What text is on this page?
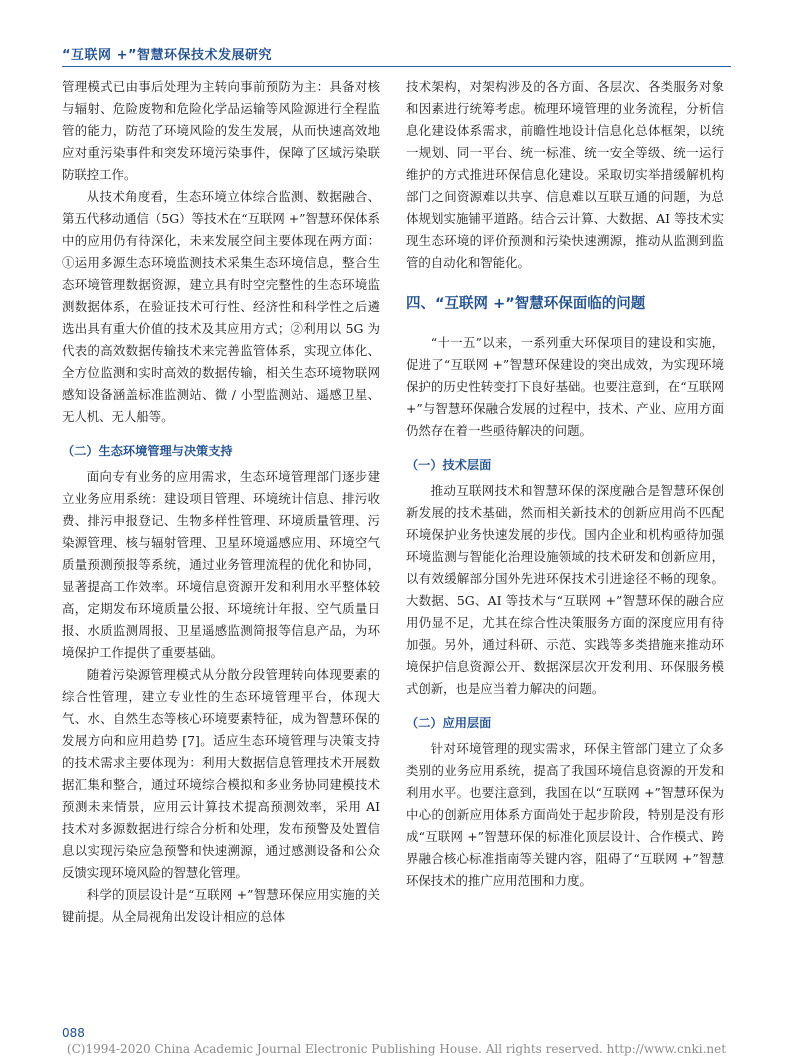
“互联网 +”智慧环保技术发展研究

管理模式已由事后处理为主转向事前预防为主：具备对核与辐射、危险废物和危险化学品运输等风险源进行全程监管的能力，防范了环境风险的发生发展，从而快速高效地应对重污染事件和突发环境污染事件，保障了区域污染联防联控工作。

从技术角度看，生态环境立体综合监测、数据融合、第五代移动通信（5G）等技术在“互联网 +”智慧环保体系中的应用仍有待深化，未来发展空间主要体现在两方面：①运用多源生态环境监测技术采集生态环境信息，整合生态环境管理数据资源，建立具有时空完整性的生态环境监测数据体系，在验证技术可行性、经济性和科学性之后遴选出具有重大价值的技术及其应用方式；②利用以 5G 为代表的高效数据传输技术来完善监管体系，实现立体化、全方位监测和实时高效的数据传输，相关生态环境物联网感知设备涵盖标准监测站、微 / 小型监测站、遥感卫星、无人机、无人船等。

（二）生态环境管理与决策支持

面向专有业务的应用需求，生态环境管理部门逐步建立业务应用系统：建设项目管理、环境统计信息、排污收费、排污申报登记、生物多样性管理、环境质量管理、污染源管理、核与辐射管理、卫星环境遥感应用、环境空气质量预测预报等系统，通过业务管理流程的优化和协同，显著提高工作效率。环境信息资源开发和利用水平整体较高，定期发布环境质量公报、环境统计年报、空气质量日报、水质监测周报、卫星遥感监测简报等信息产品，为环境保护工作提供了重要基础。

随着污染源管理模式从分散分段管理转向体现要素的综合性管理，建立专业性的生态环境管理平台，体现大气、水、自然生态等核心环境要素特征，成为智慧环保的发展方向和应用趋势 [7]。适应生态环境管理与决策支持的技术需求主要体现为：利用大数据信息管理技术开展数据汇集和整合，通过环境综合模拟和多业务协同建模技术预测未来情景，应用云计算技术提高预测效率，采用 AI 技术对多源数据进行综合分析和处理，发布预警及处置信息以实现污染应急预警和快速溯源，通过感测设备和公众反馈实现环境风险的智慧化管理。

科学的顶层设计是“互联网 +”智慧环保应用实施的关键前提。从全局视角出发设计相应的总体

技术架构，对架构涉及的各方面、各层次、各类服务对象和因素进行统筹考虑。梳理环境管理的业务流程，分析信息化建设体系需求，前瞻性地设计信息化总体框架，以统一规划、同一平台、统一标准、统一安全等级、统一运行维护的方式推进环保信息化建设。采取切实举措缓解机构部门之间资源难以共享、信息难以互联互通的问题，为总体规划实施铺平道路。结合云计算、大数据、AI 等技术实现生态环境的评价预测和污染快速溯源，推动从监测到监管的自动化和智能化。

四、“互联网 +”智慧环保面临的问题

“十一五”以来，一系列重大环保项目的建设和实施，促进了“互联网 +”智慧环保建设的突出成效，为实现环境保护的历史性转变打下良好基础。也要注意到，在“互联网 +”与智慧环保融合发展的过程中，技术、产业、应用方面仍然存在着一些亟待解决的问题。

（一）技术层面

推动互联网技术和智慧环保的深度融合是智慧环保创新发展的技术基础，然而相关新技术的创新应用尚不匹配环境保护业务快速发展的步伐。国内企业和机构亟待加强环境监测与智能化治理设施领域的技术研发和创新应用，以有效缓解部分国外先进环保技术引进途径不畅的现象。大数据、5G、AI 等技术与“互联网 +”智慧环保的融合应用仍显不足，尤其在综合性决策服务方面的深度应用有待加强。另外，通过科研、示范、实践等多类措施来推动环境保护信息资源公开、数据深层次开发利用、环保服务模式创新，也是应当着力解决的问题。

（二）应用层面

针对环境管理的现实需求，环保主管部门建立了众多类别的业务应用系统，提高了我国环境信息资源的开发和利用水平。也要注意到，我国在以“互联网 +”智慧环保为中心的创新应用体系方面尚处于起步阶段，特别是没有形成“互联网 +”智慧环保的标准化顶层设计、合作模式、跨界融合核心标准指南等关键内容，阻碍了“互联网 +”智慧环保技术的推广应用范围和力度。

088
(C)1994-2020 China Academic Journal Electronic Publishing House. All rights reserved. http://www.cnki.net
